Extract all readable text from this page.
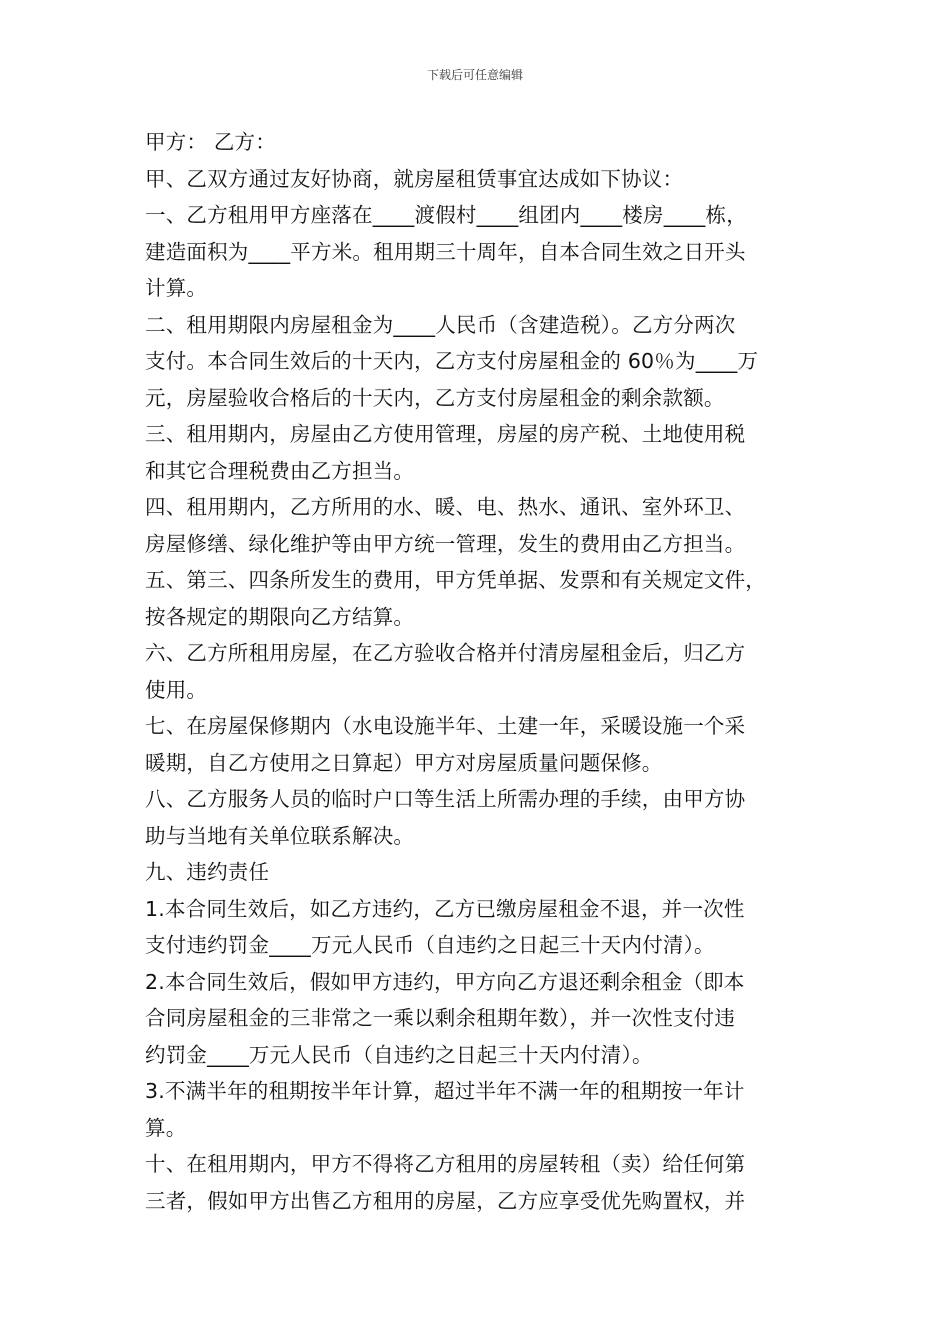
下载后可任意编辑

甲方： 乙方：

甲、乙双方通过友好协商，就房屋租赁事宜达成如下协议：

一、乙方租用甲方座落在____渡假村____组团内____楼房____栋，

建造面积为____平方米。租用期三十周年，自本合同生效之日开头

计算。

二、租用期限内房屋租金为____人民币（含建造税）。乙方分两次

支付。本合同生效后的十天内，乙方支付房屋租金的 60％为____万

元，房屋验收合格后的十天内，乙方支付房屋租金的剩余款额。

三、租用期内，房屋由乙方使用管理，房屋的房产税、土地使用税

和其它合理税费由乙方担当。

四、租用期内，乙方所用的水、暖、电、热水、通讯、室外环卫、

房屋修缮、绿化维护等由甲方统一管理，发生的费用由乙方担当。

五、第三、四条所发生的费用，甲方凭单据、发票和有关规定文件，

按各规定的期限向乙方结算。

六、乙方所租用房屋，在乙方验收合格并付清房屋租金后，归乙方

使用。

七、在房屋保修期内（水电设施半年、土建一年，采暖设施一个采

暖期，自乙方使用之日算起）甲方对房屋质量问题保修。

八、乙方服务人员的临时户口等生活上所需办理的手续，由甲方协

助与当地有关单位联系解决。

九、违约责任

1.本合同生效后，如乙方违约，乙方已缴房屋租金不退，并一次性

支付违约罚金____万元人民币（自违约之日起三十天内付清）。

2.本合同生效后，假如甲方违约，甲方向乙方退还剩余租金（即本

合同房屋租金的三非常之一乘以剩余租期年数），并一次性支付违

约罚金____万元人民币（自违约之日起三十天内付清）。

3.不满半年的租期按半年计算，超过半年不满一年的租期按一年计

算。

十、在租用期内，甲方不得将乙方租用的房屋转租（卖）给任何第

三者，假如甲方出售乙方租用的房屋，乙方应享受优先购置权，并
